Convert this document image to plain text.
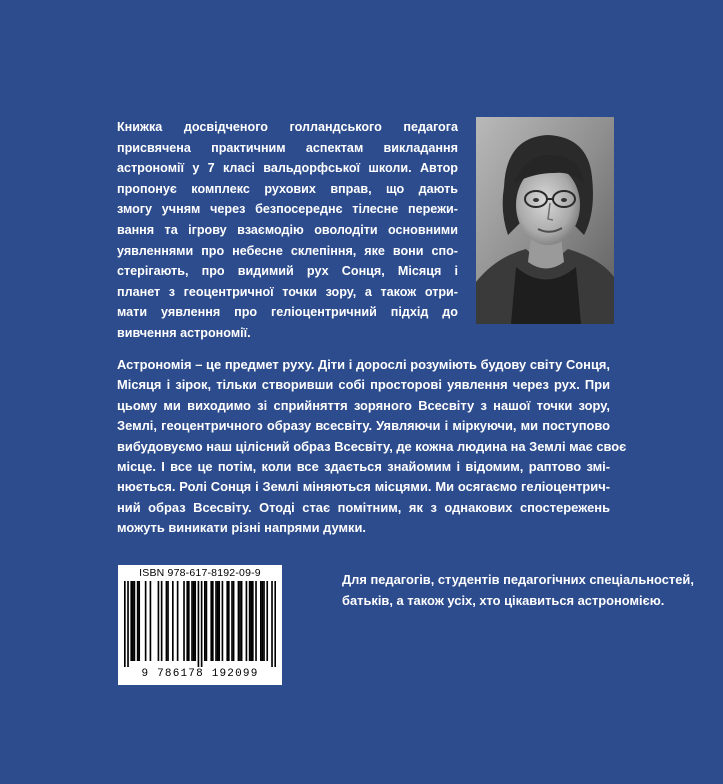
Книжка досвідченого голландського педагога
присвячена практичним аспектам викладання
астрономії у 7 класі вальдорфської школи. Автор
пропонує комплекс рухових вправ, що дають
змогу учням через безпосереднє тілесне пережи-
вання та ігрову взаємодію оволодіти основними
уявленнями про небесне склепіння, яке вони спо-
стерігають, про видимий рух Сонця, Місяця і
планет з геоцентричної точки зору, а також отри-
мати уявлення про геліоцентричний підхід до
вивчення астрономії.

Астрономія – це предмет руху. Діти і дорослі розуміють будову світу Сонця,
Місяця і зірок, тільки створивши собі просторові уявлення через рух. При
цьому ми виходимо зі сприйняття зоряного Всесвіту з нашої точки зору,
Землі, геоцентричного образу всесвіту. Уявляючи і міркуючи, ми поступово
вибудовуємо наш цілісний образ Всесвіту, де кожна людина на Землі має своє
місце. І все це потім, коли все здається знайомим і відомим, раптово змі-
нюється. Ролі Сонця і Землі міняються місцями. Ми осягаємо геліоцентрич-
ний образ Всесвіту. Отоді стає помітним, як з однакових спостережень
можуть виникати різні напрями думки.

ISBN 978-617-8192-09-9
9 786178 192099

Для педагогів, студентів педагогічних спеціальностей,
батьків, а також усіх, хто цікавиться астрономією.
